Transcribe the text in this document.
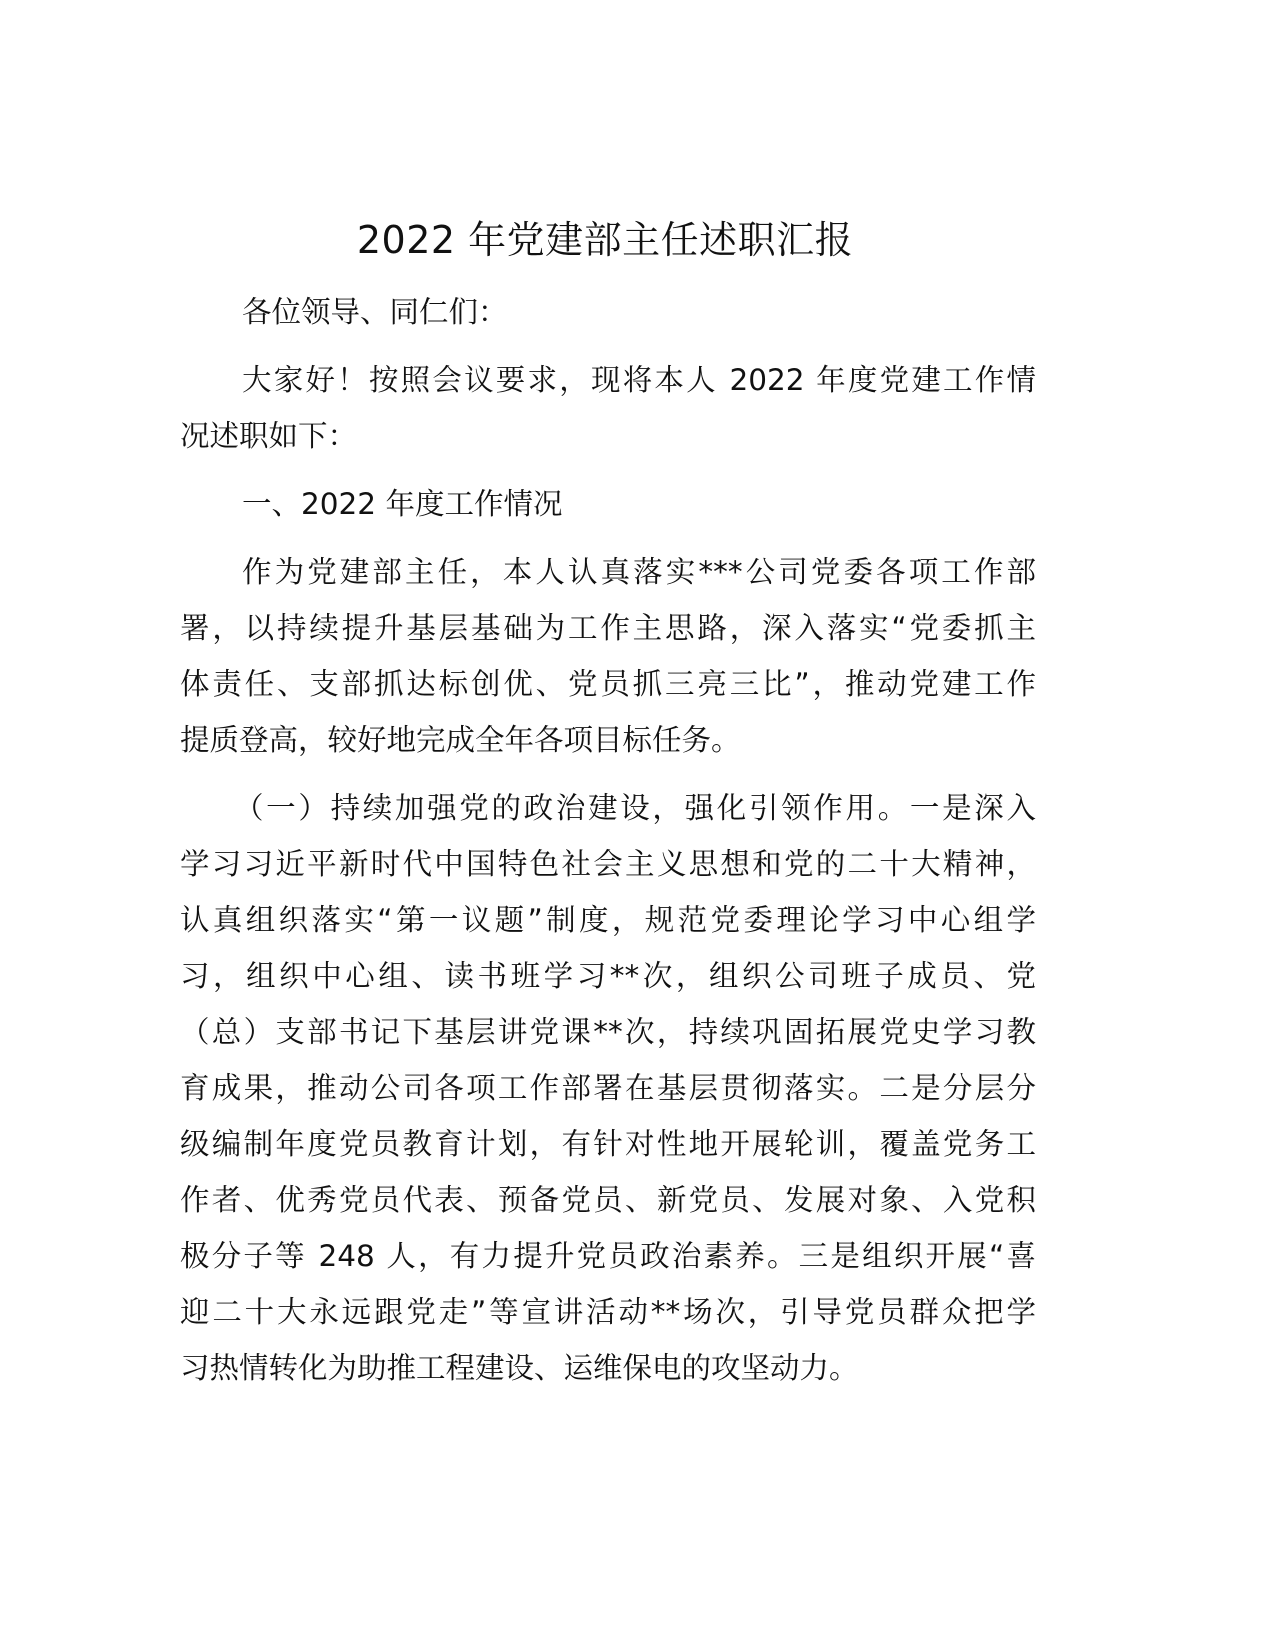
2022 年党建部主任述职汇报
各位领导、同仁们：
大家好！按照会议要求，现将本人 2022 年度党建工作情
况述职如下：
一、2022 年度工作情况
作为党建部主任，本人认真落实***公司党委各项工作部
署，以持续提升基层基础为工作主思路，深入落实“党委抓主
体责任、支部抓达标创优、党员抓三亮三比”，推动党建工作
提质登高，较好地完成全年各项目标任务。
（一）持续加强党的政治建设，强化引领作用。一是深入
学习习近平新时代中国特色社会主义思想和党的二十大精神，
认真组织落实“第一议题”制度，规范党委理论学习中心组学
习，组织中心组、读书班学习**次，组织公司班子成员、党
（总）支部书记下基层讲党课**次，持续巩固拓展党史学习教
育成果，推动公司各项工作部署在基层贯彻落实。二是分层分
级编制年度党员教育计划，有针对性地开展轮训，覆盖党务工
作者、优秀党员代表、预备党员、新党员、发展对象、入党积
极分子等 248 人，有力提升党员政治素养。三是组织开展“喜
迎二十大永远跟党走”等宣讲活动**场次，引导党员群众把学
习热情转化为助推工程建设、运维保电的攻坚动力。
